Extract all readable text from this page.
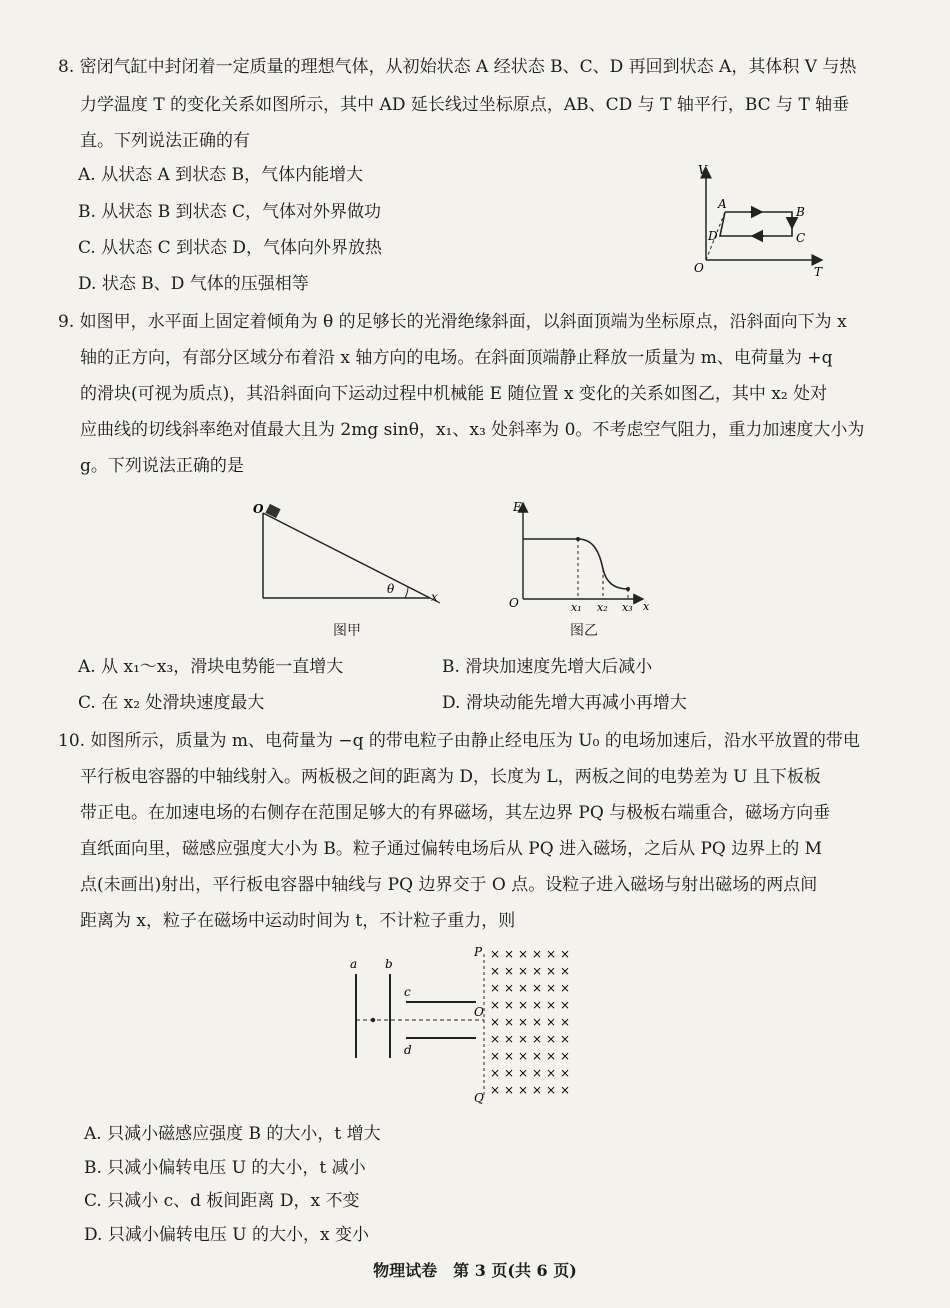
8. 密闭气缸中封闭着一定质量的理想气体，从初始状态 A 经状态 B、C、D 再回到状态 A，其体积 V 与热
力学温度 T 的变化关系如图所示，其中 AD 延长线过坐标原点，AB、CD 与 T 轴平行，BC 与 T 轴垂
直。下列说法正确的有
A. 从状态 A 到状态 B，气体内能增大
B. 从状态 B 到状态 C，气体对外界做功
C. 从状态 C 到状态 D，气体向外界放热
D. 状态 B、D 气体的压强相等
V
T
O
A
B
C
D
9. 如图甲，水平面上固定着倾角为 θ 的足够长的光滑绝缘斜面，以斜面顶端为坐标原点，沿斜面向下为 x
轴的正方向，有部分区域分布着沿 x 轴方向的电场。在斜面顶端静止释放一质量为 m、电荷量为 +q
的滑块(可视为质点)，其沿斜面向下运动过程中机械能 E 随位置 x 变化的关系如图乙，其中 x₂ 处对
应曲线的切线斜率绝对值最大且为 2mg sinθ，x₁、x₃ 处斜率为 0。不考虑空气阻力，重力加速度大小为
g。下列说法正确的是
O
θ
x
图甲
E
O	x₁ x₂ x₃ x
图乙
A. 从 x₁～x₃，滑块电势能一直增大	B. 滑块加速度先增大后减小
C. 在 x₂ 处滑块速度最大	D. 滑块动能先增大再减小再增大
10. 如图所示，质量为 m、电荷量为 −q 的带电粒子由静止经电压为 U₀ 的电场加速后，沿水平放置的带电
平行板电容器的中轴线射入。两板极之间的距离为 D，长度为 L，两板之间的电势差为 U 且下板板
带正电。在加速电场的右侧存在范围足够大的有界磁场，其左边界 PQ 与极板右端重合，磁场方向垂
直纸面向里，磁感应强度大小为 B。粒子通过偏转电场后从 PQ 进入磁场，之后从 PQ 边界上的 M
点(未画出)射出，平行板电容器中轴线与 PQ 边界交于 O 点。设粒子进入磁场与射出磁场的两点间
距离为 x，粒子在磁场中运动时间为 t，不计粒子重力，则
× × × × × ×
× × × × × ×
× × × × × ×
× × × × × ×
× × × × × ×
× × × × × ×
× × × × × ×
× × × × × ×
× × × × × ×
a b
c
d
P
O
Q
A. 只减小磁感应强度 B 的大小，t 增大
B. 只减小偏转电压 U 的大小，t 减小
C. 只减小 c、d 板间距离 D，x 不变
D. 只减小偏转电压 U 的大小，x 变小
物理试卷　第 3 页(共 6 页)
